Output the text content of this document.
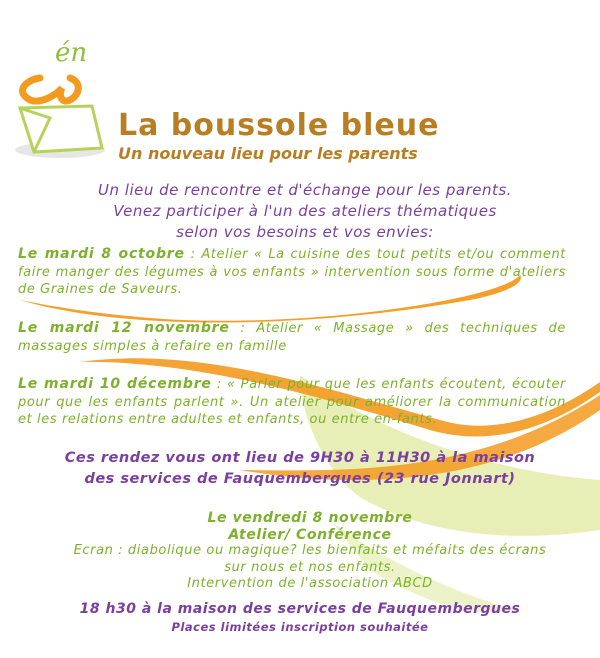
én
La boussole bleue
Un nouveau lieu pour les parents
Un lieu de rencontre et d'échange pour les parents.
Venez participer à l'un des ateliers thématiques
selon vos besoins et vos envies:
Le mardi 8 octobre : Atelier « La cuisine des tout petits et/ou comment faire manger des légumes à vos enfants » intervention sous forme d'ateliers de Graines de Saveurs.
Le mardi 12 novembre : Atelier « Massage » des techniques de massages simples à refaire en famille
Le mardi 10 décembre : « Parler pour que les enfants écoutent, écouter pour que les enfants parlent ». Un atelier pour améliorer la communication et les relations entre adultes et enfants, ou entre en-fants.
Ces rendez vous ont lieu de 9H30 à 11H30 à la maison
des services de Fauquembergues (23 rue Jonnart)
Le vendredi 8 novembre
Atelier/ Conférence
Ecran : diabolique ou magique? les bienfaits et méfaits des écrans
sur nous et nos enfants.
Intervention de l'association ABCD
18 h30 à la maison des services de Fauquembergues
Places limitées inscription souhaitée
